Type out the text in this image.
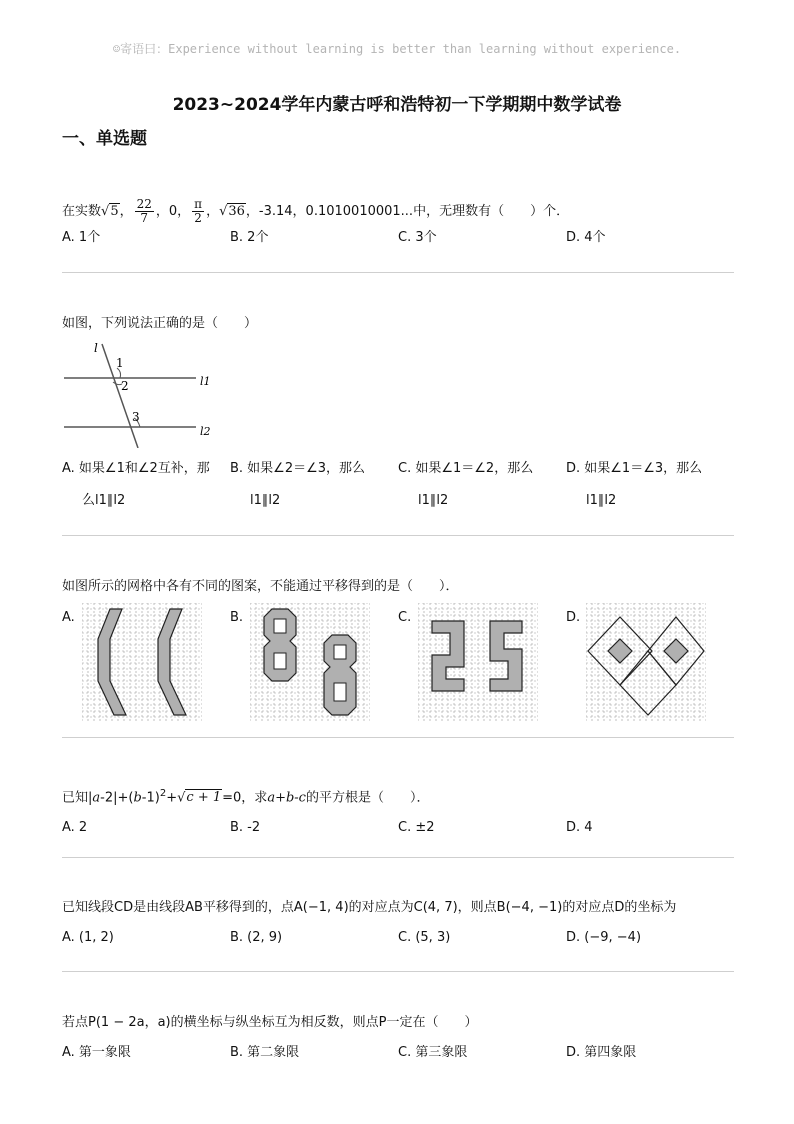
☺寄语曰：Experience without learning is better than learning without experience.
2023~2024学年内蒙古呼和浩特初一下学期期中数学试卷
一、单选题
在实数√5， $\frac{22}{7}$ ，0， $\frac{\pi}{2}$ ，√36，-3.14，0.1010010001...中，无理数有（　　）个．
A. 1个	B. 2个	C. 3个	D. 4个
如图，下列说法正确的是（　　）
l
1
2
3
l1
l2
A. 如果∠1和∠2互补，那
么l1∥l2
B. 如果∠2＝∠3，那么
l1∥l2
C. 如果∠1＝∠2，那么
l1∥l2
D. 如果∠1＝∠3，那么
l1∥l2
如图所示的网格中各有不同的图案，不能通过平移得到的是（　　）．
A.	B.	C.	D.
已知$|a-2|+(b-1)^2+√c + 1=0$，求a+b-c的平方根是（　　）．
A. 2	B. -2	C. ±2	D. 4
已知线段CD是由线段AB平移得到的，点A(−1, 4)的对应点为C(4, 7)，则点B(−4, −1)的对应点D的坐标为
A. (1, 2)	B. (2, 9)	C. (5, 3)	D. (−9, −4)
若点P(1 − 2a，a)的横坐标与纵坐标互为相反数，则点P一定在（　　）
A. 第一象限	B. 第二象限	C. 第三象限	D. 第四象限
